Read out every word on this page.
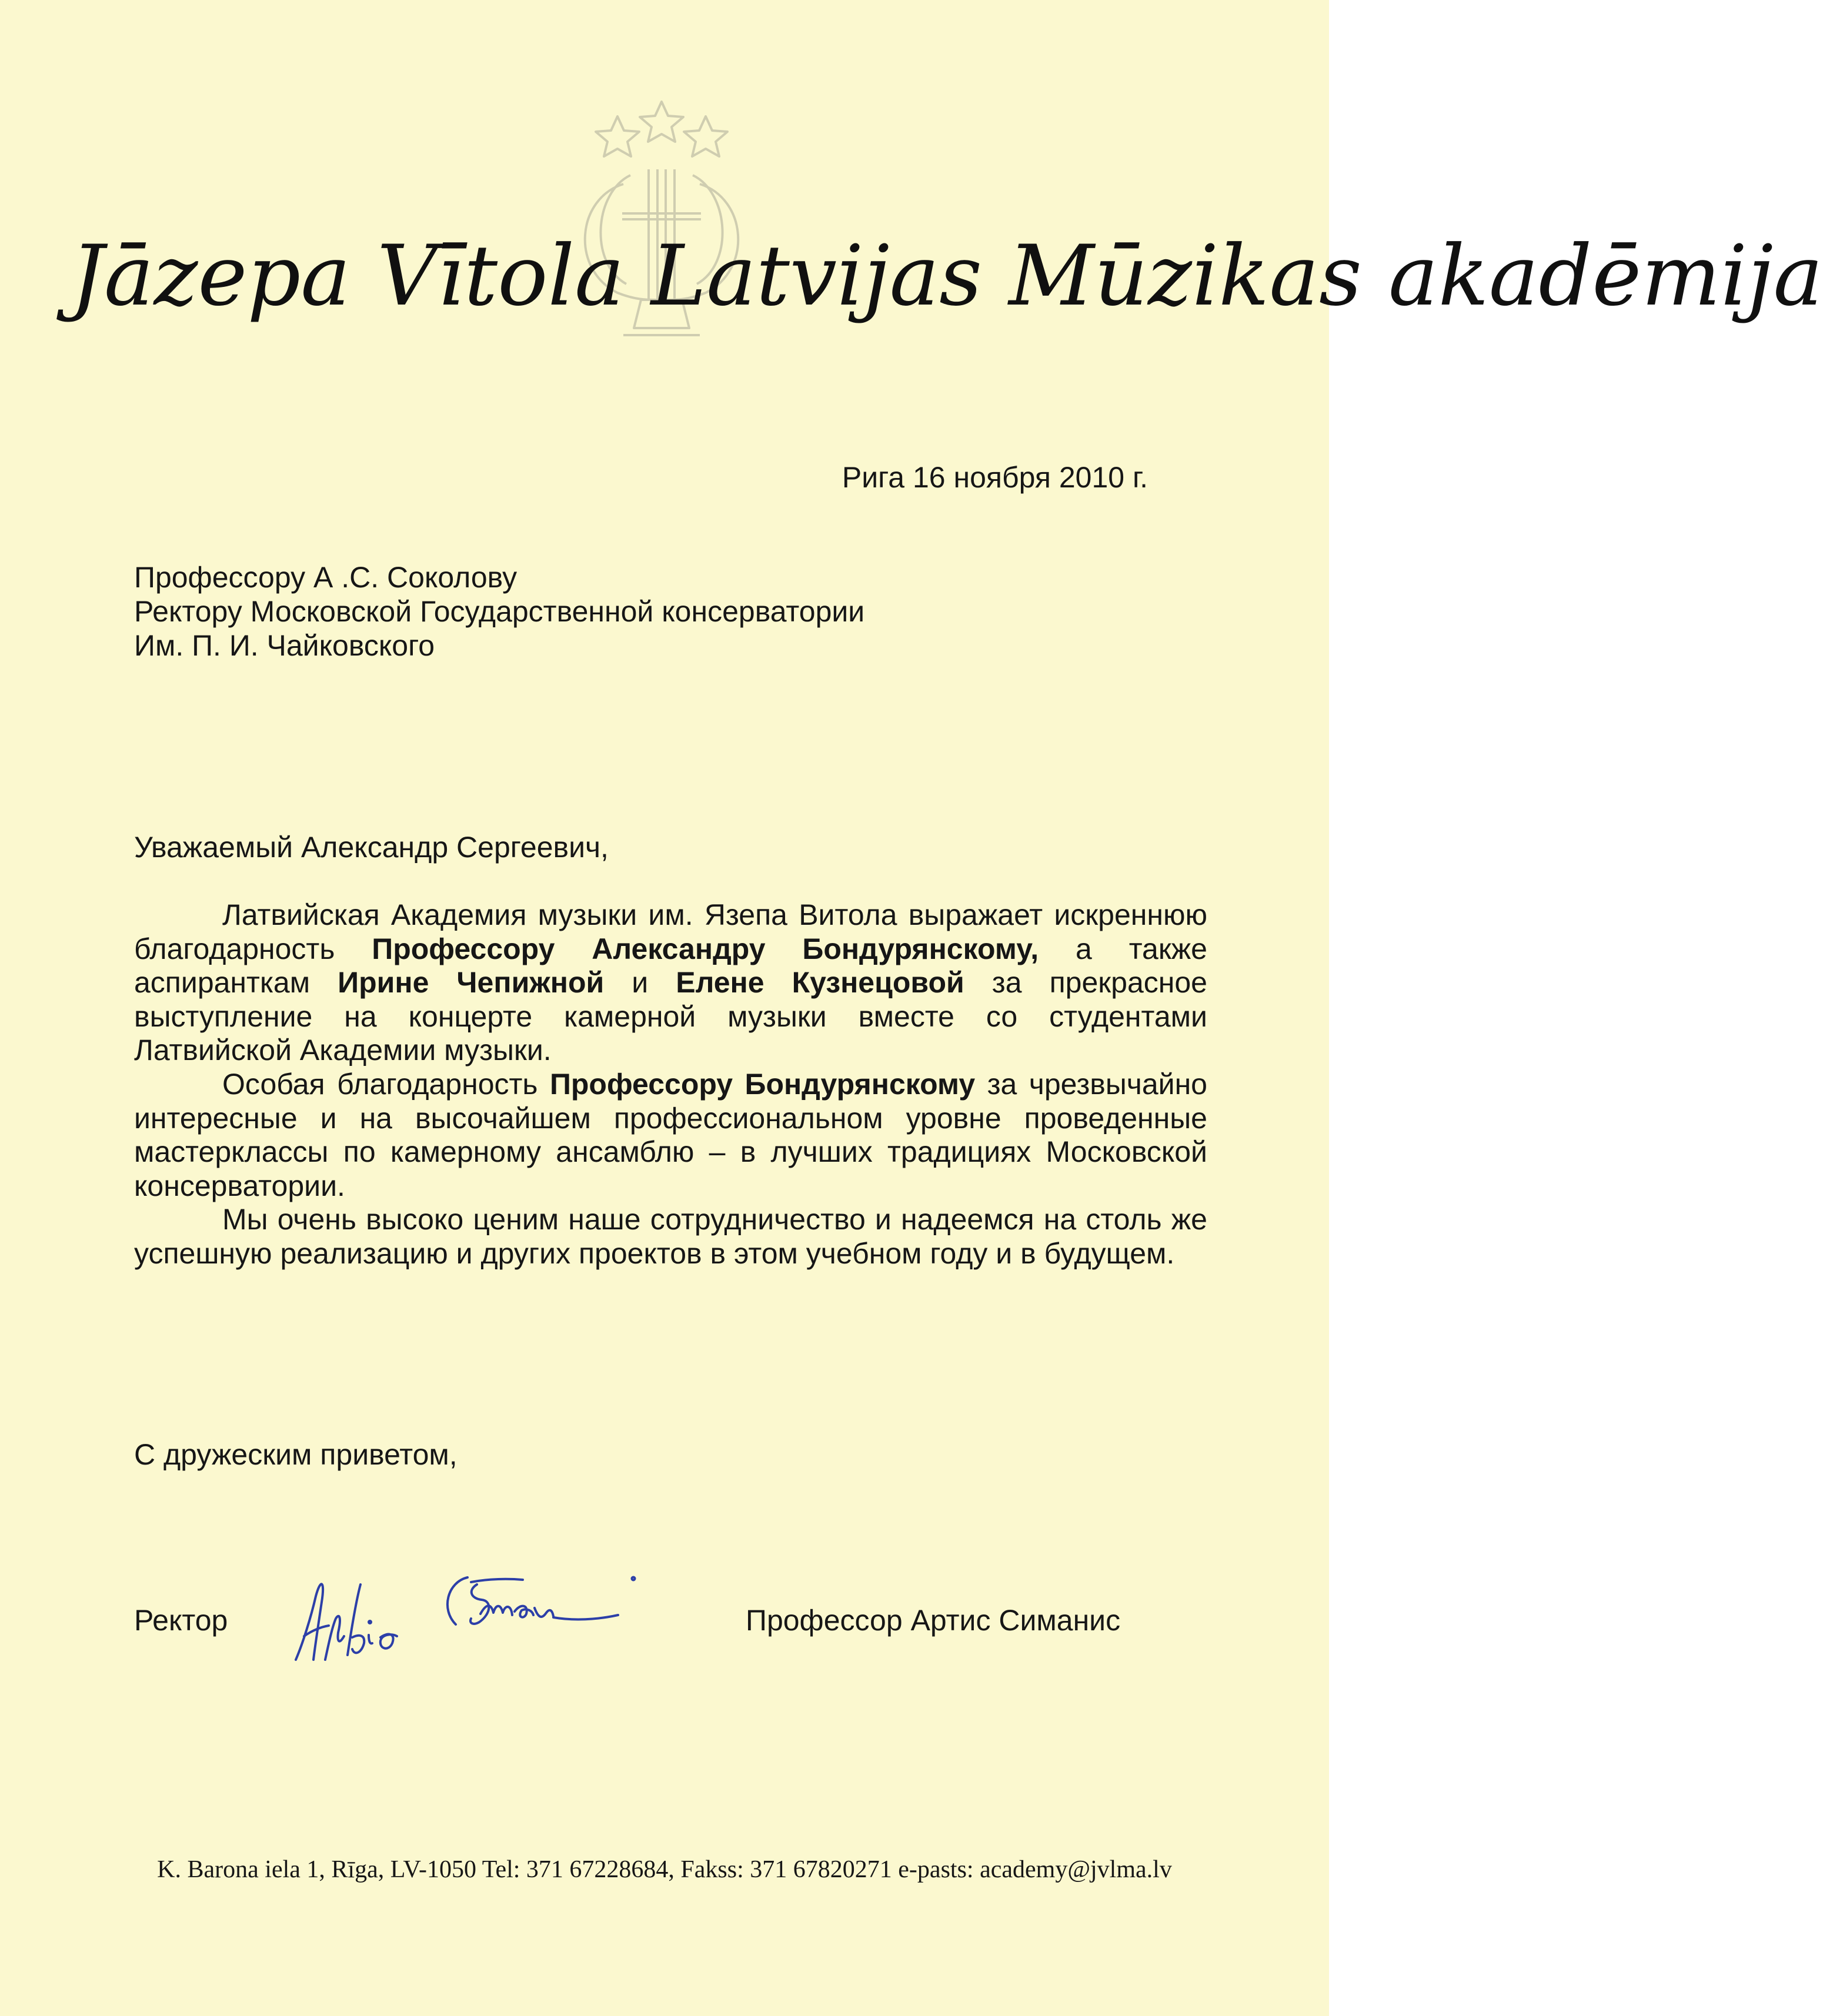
Jāzepa Vītola Latvijas Mūzikas akadēmija
Рига 16 ноября 2010 г.
Профессору А .С. Соколову
Ректору Московской Государственной консерватории
Им. П. И. Чайковского
Уважаемый Александр Сергеевич,

Латвийская Академия музыки им. Язепа Витола выражает искреннюю благодарность Профессору Александру Бондурянскому, а также аспиранткам Ирине Чепижной и Елене Кузнецовой за прекрасное выступление на концерте камерной музыки вместе со студентами Латвийской Академии музыки.

Особая благодарность Профессору Бондурянскому за чрезвычайно интересные и на высочайшем профессиональном уровне проведенные мастерклассы по камерному ансамблю – в лучших традициях Московской консерватории.

Мы очень высоко ценим наше сотрудничество и надеемся на столь же успешную реализацию и других проектов в этом учебном году и в будущем.

С дружеским приветом,
Ректор	Профессор Артис Симанис
K. Barona iela 1, Rīga, LV-1050 Tel: 371 67228684, Fakss: 371 67820271 e-pasts: academy@jvlma.lv
